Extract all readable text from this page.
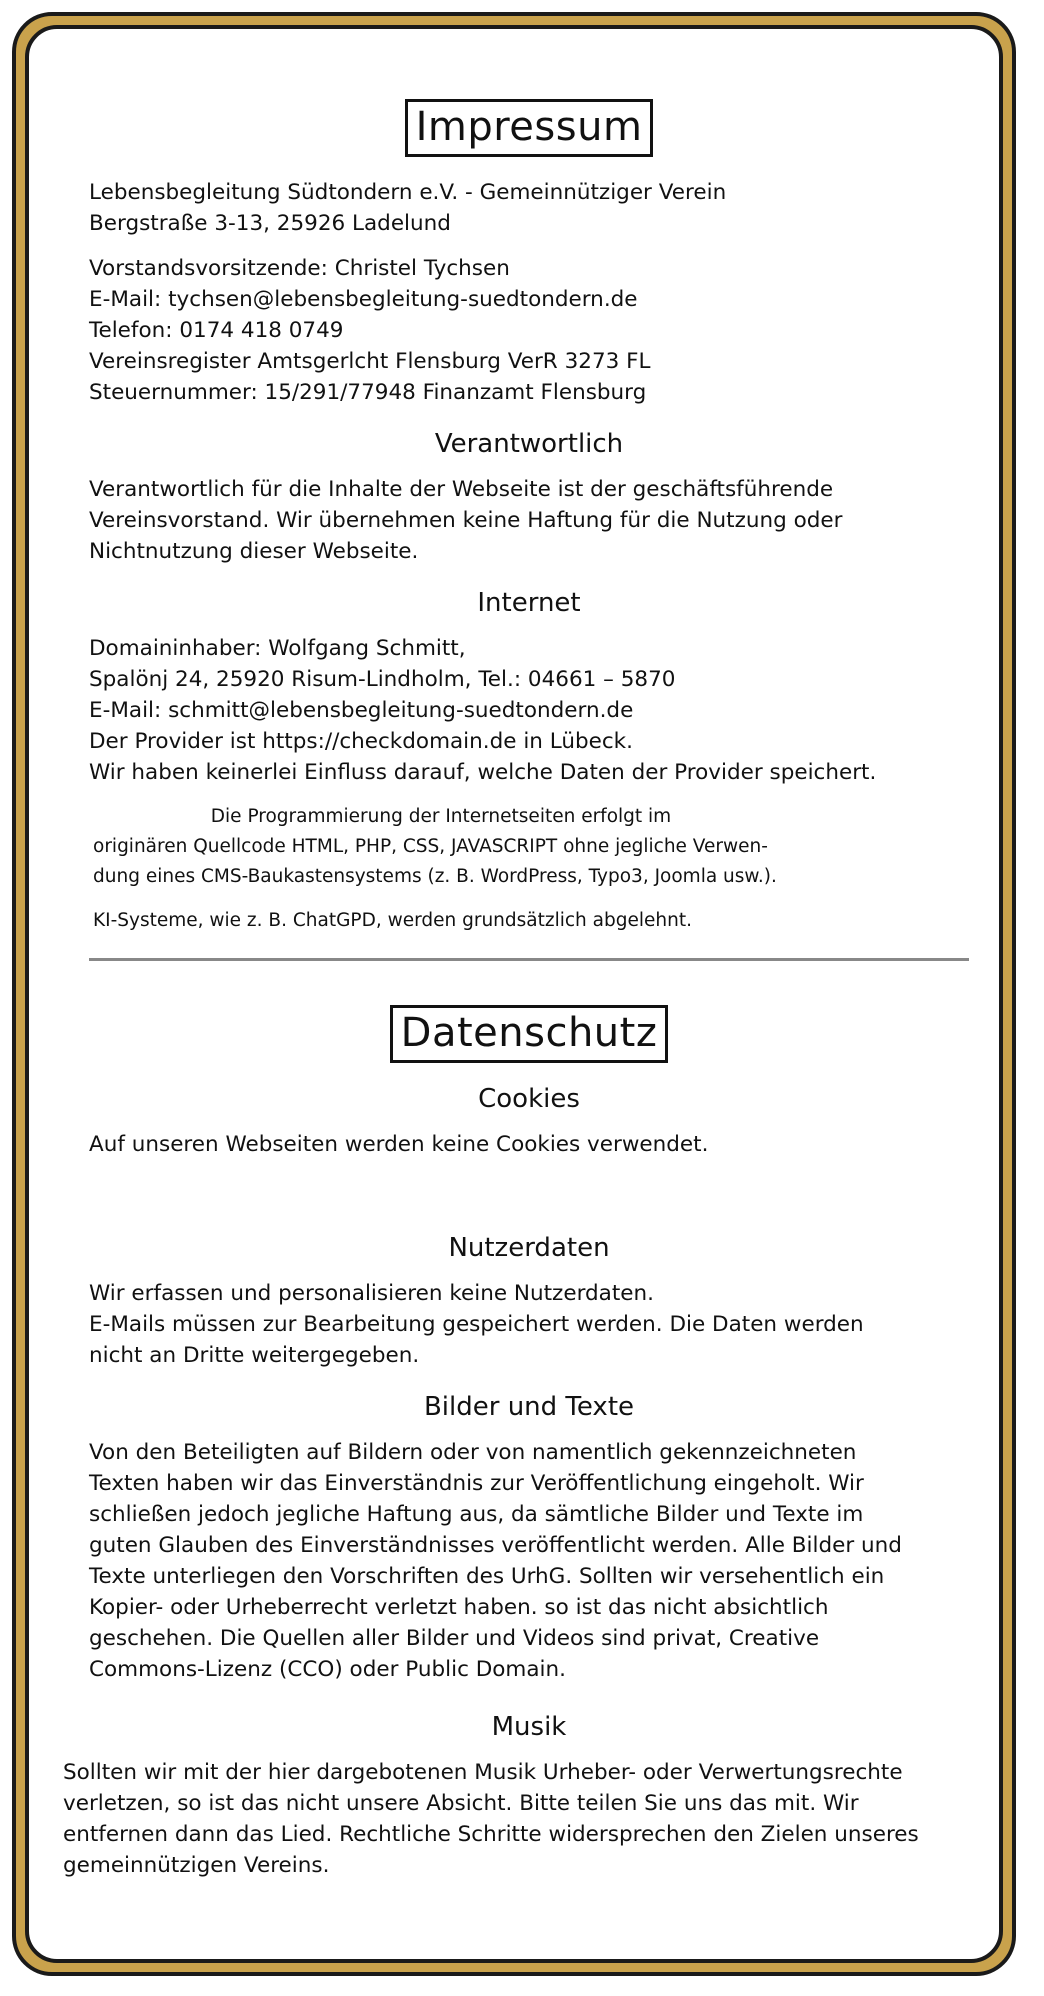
Impressum

Lebensbegleitung Südtondern e.V. - Gemeinnütziger Verein
Bergstraße 3-13, 25926 Ladelund

Vorstandsvorsitzende: Christel Tychsen
E-Mail: tychsen@lebensbegleitung-suedtondern.de
Telefon: 0174 418 0749
Vereinsregister Amtsgerlcht Flensburg VerR 3273 FL
Steuernummer: 15/291/77948 Finanzamt Flensburg

Verantwortlich

Verantwortlich für die Inhalte der Webseite ist der geschäftsführende
Vereinsvorstand. Wir übernehmen keine Haftung für die Nutzung oder
Nichtnutzung dieser Webseite.

Internet

Domaininhaber: Wolfgang Schmitt,
Spalönj 24, 25920 Risum-Lindholm, Tel.: 04661 – 5870
E-Mail: schmitt@lebensbegleitung-suedtondern.de
Der Provider ist https://checkdomain.de in Lübeck.
Wir haben keinerlei Einfluss darauf, welche Daten der Provider speichert.

Die Programmierung der Internetseiten erfolgt im
originären Quellcode HTML, PHP, CSS, JAVASCRIPT ohne jegliche Verwen-
dung eines CMS-Baukastensystems (z. B. WordPress, Typo3, Joomla usw.).

KI-Systeme, wie z. B. ChatGPD, werden grundsätzlich abgelehnt.

Datenschutz
Cookies

Auf unseren Webseiten werden keine Cookies verwendet.

Nutzerdaten

Wir erfassen und personalisieren keine Nutzerdaten.
E-Mails müssen zur Bearbeitung gespeichert werden. Die Daten werden
nicht an Dritte weitergegeben.

Bilder und Texte

Von den Beteiligten auf Bildern oder von namentlich gekennzeichneten
Texten haben wir das Einverständnis zur Veröffentlichung eingeholt. Wir
schließen jedoch jegliche Haftung aus, da sämtliche Bilder und Texte im
guten Glauben des Einverständnisses veröffentlicht werden. Alle Bilder und
Texte unterliegen den Vorschriften des UrhG. Sollten wir versehentlich ein
Kopier- oder Urheberrecht verletzt haben. so ist das nicht absichtlich
geschehen. Die Quellen aller Bilder und Videos sind privat, Creative
Commons-Lizenz (CCO) oder Public Domain.

Musik

Sollten wir mit der hier dargebotenen Musik Urheber- oder Verwertungsrechte
verletzen, so ist das nicht unsere Absicht. Bitte teilen Sie uns das mit. Wir
entfernen dann das Lied. Rechtliche Schritte widersprechen den Zielen unseres
gemeinnützigen Vereins.
